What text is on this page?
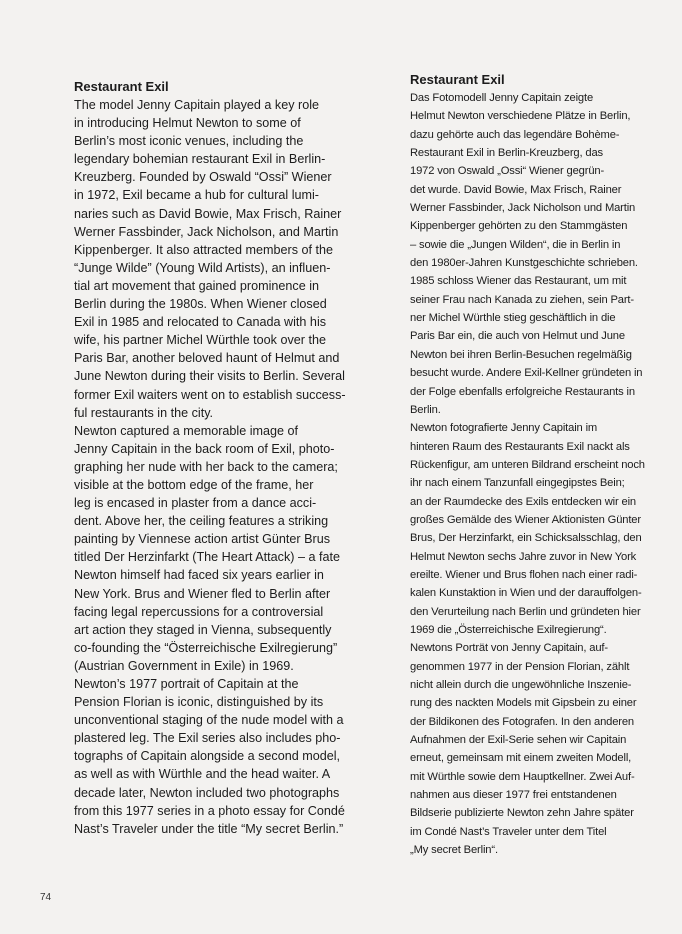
Restaurant Exil

The model Jenny Capitain played a key role
in introducing Helmut Newton to some of
Berlin’s most iconic venues, including the
legendary bohemian restaurant Exil in Berlin-
Kreuzberg. Founded by Oswald “Ossi” Wiener
in 1972, Exil became a hub for cultural lumi-
naries such as David Bowie, Max Frisch, Rainer
Werner Fassbinder, Jack Nicholson, and Martin
Kippenberger. It also attracted members of the
“Junge Wilde” (Young Wild Artists), an influen-
tial art movement that gained prominence in
Berlin during the 1980s. When Wiener closed
Exil in 1985 and relocated to Canada with his
wife, his partner Michel Würthle took over the
Paris Bar, another beloved haunt of Helmut and
June Newton during their visits to Berlin. Several
former Exil waiters went on to establish success-
ful restaurants in the city.

Newton captured a memorable image of
Jenny Capitain in the back room of Exil, photo-
graphing her nude with her back to the camera;
visible at the bottom edge of the frame, her
leg is encased in plaster from a dance acci-
dent. Above her, the ceiling features a striking
painting by Viennese action artist Günter Brus
titled Der Herzinfarkt (The Heart Attack) – a fate
Newton himself had faced six years earlier in
New York. Brus and Wiener fled to Berlin after
facing legal repercussions for a controversial
art action they staged in Vienna, subsequently
co-founding the “Österreichische Exilregierung”
(Austrian Government in Exile) in 1969.

Newton’s 1977 portrait of Capitain at the
Pension Florian is iconic, distinguished by its
unconventional staging of the nude model with a
plastered leg. The Exil series also includes pho-
tographs of Capitain alongside a second model,
as well as with Würthle and the head waiter. A
decade later, Newton included two photographs
from this 1977 series in a photo essay for Condé
Nast’s Traveler under the title “My secret Berlin.”

Restaurant Exil

Das Fotomodell Jenny Capitain zeigte
Helmut Newton verschiedene Plätze in Berlin,
dazu gehörte auch das legendäre Bohème-
Restaurant Exil in Berlin-Kreuzberg, das
1972 von Oswald „Ossi“ Wiener gegrün-
det wurde. David Bowie, Max Frisch, Rainer
Werner Fassbinder, Jack Nicholson und Martin
Kippenberger gehörten zu den Stammgästen
– sowie die „Jungen Wilden“, die in Berlin in
den 1980er-Jahren Kunstgeschichte schrieben.
1985 schloss Wiener das Restaurant, um mit
seiner Frau nach Kanada zu ziehen, sein Part-
ner Michel Würthle stieg geschäftlich in die
Paris Bar ein, die auch von Helmut und June
Newton bei ihren Berlin-Besuchen regelmäßig
besucht wurde. Andere Exil-Kellner gründeten in
der Folge ebenfalls erfolgreiche Restaurants in
Berlin.

Newton fotografierte Jenny Capitain im
hinteren Raum des Restaurants Exil nackt als
Rückenfigur, am unteren Bildrand erscheint noch
ihr nach einem Tanzunfall eingegipstes Bein;
an der Raumdecke des Exils entdecken wir ein
großes Gemälde des Wiener Aktionisten Günter
Brus, Der Herzinfarkt, ein Schicksalsschlag, den
Helmut Newton sechs Jahre zuvor in New York
ereilte. Wiener und Brus flohen nach einer radi-
kalen Kunstaktion in Wien und der darauffolgen-
den Verurteilung nach Berlin und gründeten hier
1969 die „Österreichische Exilregierung“.

Newtons Porträt von Jenny Capitain, auf-
genommen 1977 in der Pension Florian, zählt
nicht allein durch die ungewöhnliche Inszenie-
rung des nackten Models mit Gipsbein zu einer
der Bildikonen des Fotografen. In den anderen
Aufnahmen der Exil-Serie sehen wir Capitain
erneut, gemeinsam mit einem zweiten Modell,
mit Würthle sowie dem Hauptkellner. Zwei Auf-
nahmen aus dieser 1977 frei entstandenen
Bildserie publizierte Newton zehn Jahre später
im Condé Nast’s Traveler unter dem Titel
„My secret Berlin“.

74
